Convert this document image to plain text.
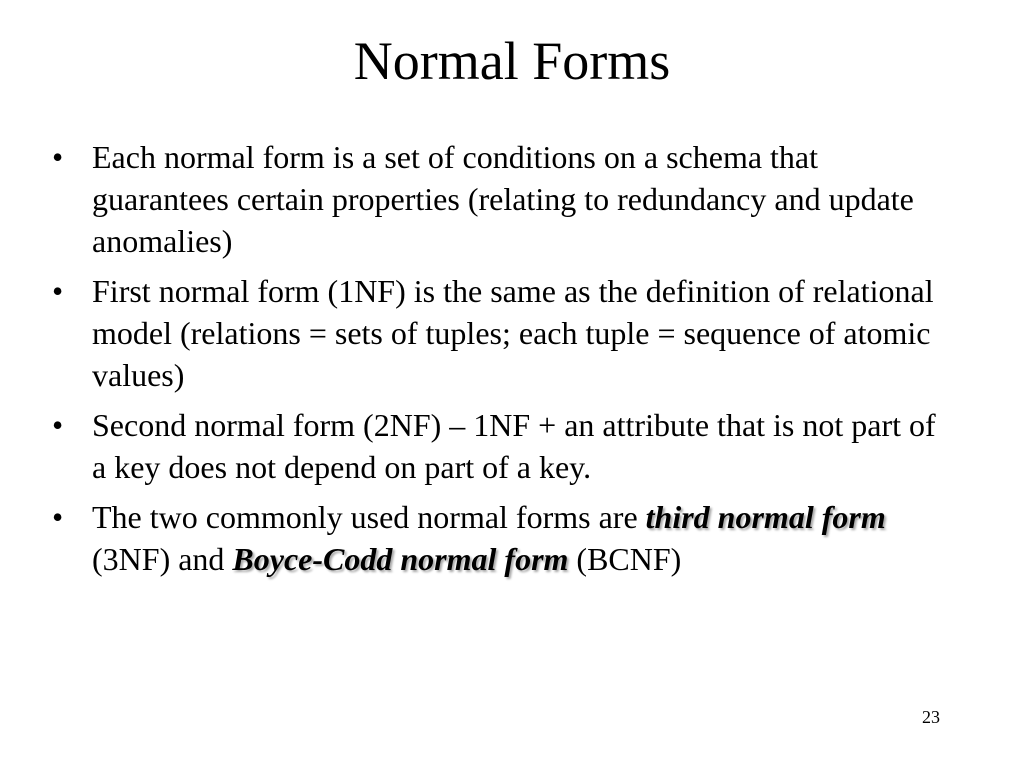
Normal Forms
• Each normal form is a set of conditions on a schema that guarantees certain properties (relating to redundancy and update anomalies)
• First normal form (1NF) is the same as the definition of relational model (relations = sets of tuples; each tuple = sequence of atomic values)
• Second normal form (2NF) – 1NF + an attribute that is not part of a key does not depend on part of a key.
• The two commonly used normal forms are third normal form (3NF) and Boyce-Codd normal form (BCNF)
23
